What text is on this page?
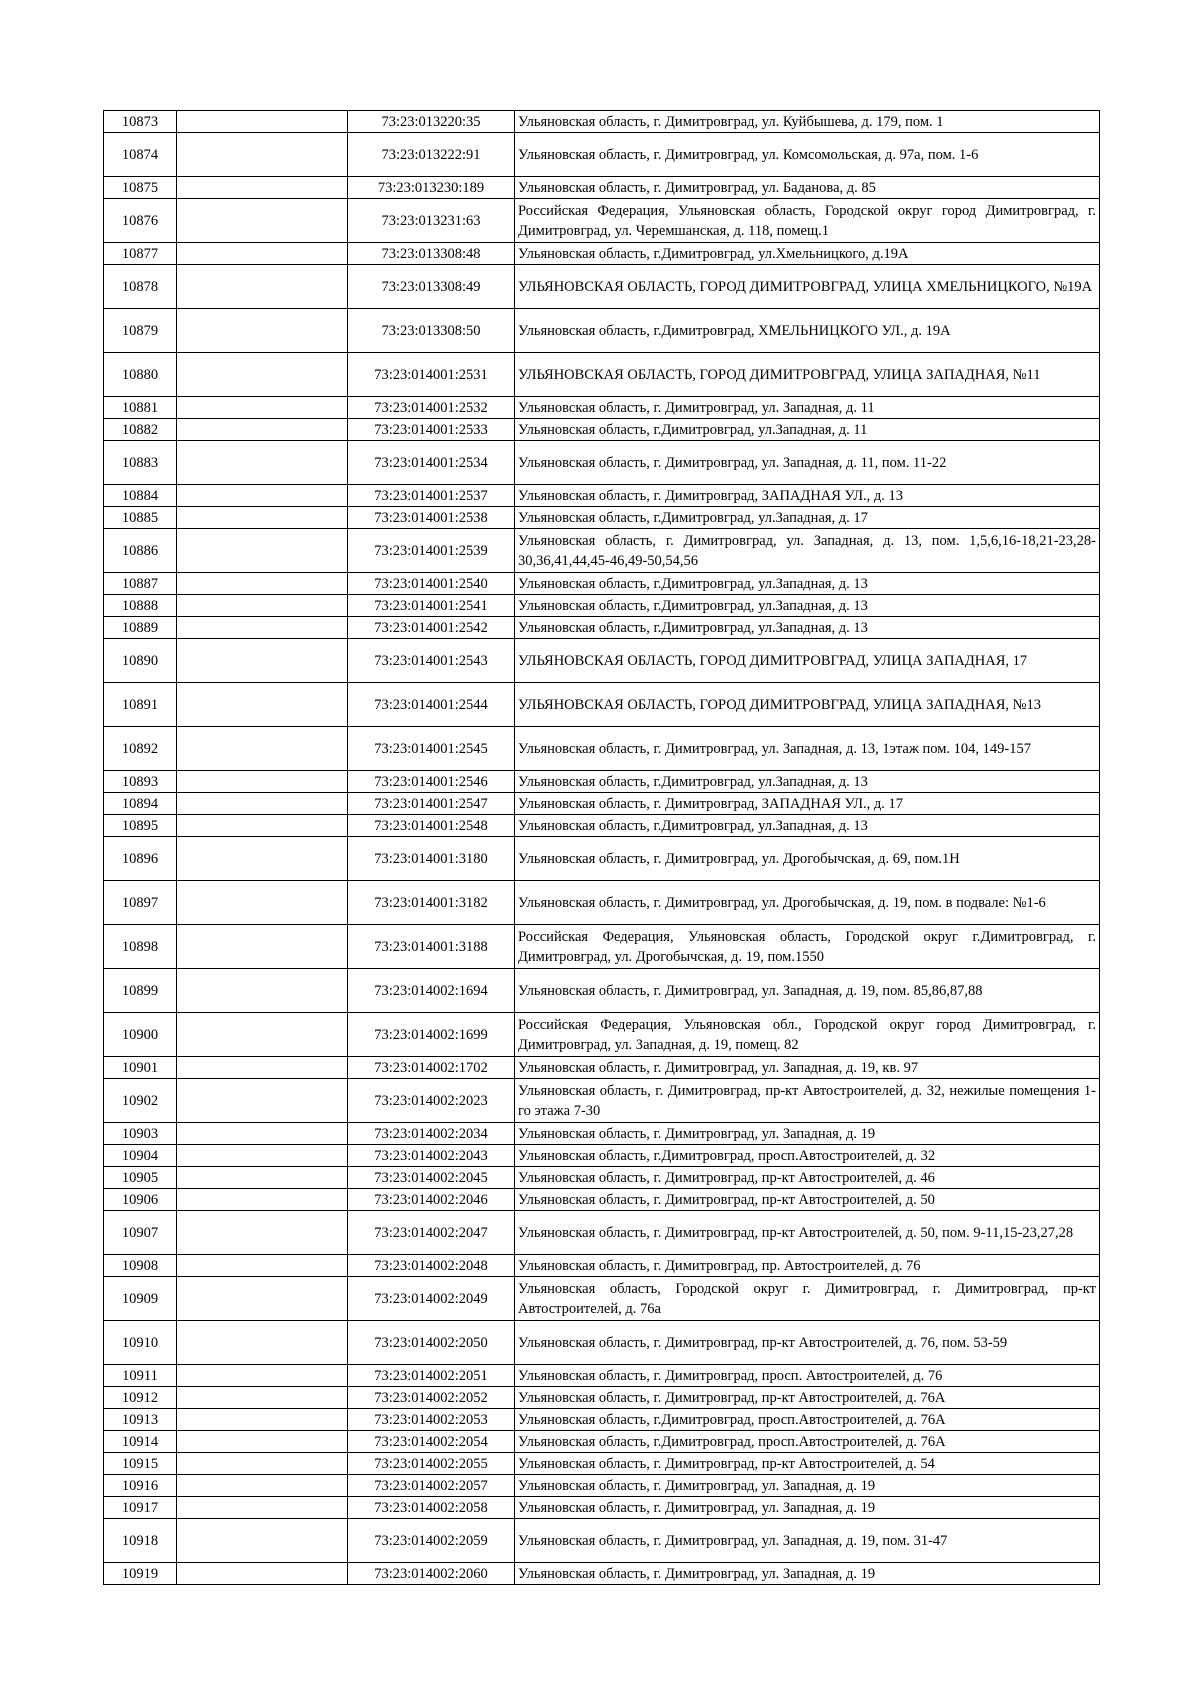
10873		73:23:013220:35	Ульяновская область, г. Димитровград, ул. Куйбышева, д. 179, пом. 1
10874		73:23:013222:91	Ульяновская область, г. Димитровград, ул. Комсомольская, д. 97а, пом. 1-6
10875		73:23:013230:189	Ульяновская область, г. Димитровград, ул. Баданова, д. 85
10876		73:23:013231:63	Российская Федерация, Ульяновская область, Городской округ город Димитровград, г. Димитровград, ул. Черемшанская, д. 118, помещ.1
10877		73:23:013308:48	Ульяновская область, г.Димитровград, ул.Хмельницкого, д.19А
10878		73:23:013308:49	УЛЬЯНОВСКАЯ ОБЛАСТЬ, ГОРОД ДИМИТРОВГРАД, УЛИЦА ХМЕЛЬНИЦКОГО, №19А
10879		73:23:013308:50	Ульяновская область, г.Димитровград, ХМЕЛЬНИЦКОГО УЛ., д. 19А
10880		73:23:014001:2531	УЛЬЯНОВСКАЯ ОБЛАСТЬ, ГОРОД ДИМИТРОВГРАД, УЛИЦА ЗАПАДНАЯ, №11
10881		73:23:014001:2532	Ульяновская область, г. Димитровград, ул. Западная, д. 11
10882		73:23:014001:2533	Ульяновская область, г.Димитровград, ул.Западная, д. 11
10883		73:23:014001:2534	Ульяновская область, г. Димитровград, ул. Западная, д. 11, пом. 11-22
10884		73:23:014001:2537	Ульяновская область, г. Димитровград, ЗАПАДНАЯ УЛ., д. 13
10885		73:23:014001:2538	Ульяновская область, г.Димитровград, ул.Западная, д. 17
10886		73:23:014001:2539	Ульяновская область, г. Димитровград, ул. Западная, д. 13, пом. 1,5,6,16-18,21-23,28-30,36,41,44,45-46,49-50,54,56
10887		73:23:014001:2540	Ульяновская область, г.Димитровград, ул.Западная, д. 13
10888		73:23:014001:2541	Ульяновская область, г.Димитровград, ул.Западная, д. 13
10889		73:23:014001:2542	Ульяновская область, г.Димитровград, ул.Западная, д. 13
10890		73:23:014001:2543	УЛЬЯНОВСКАЯ ОБЛАСТЬ, ГОРОД ДИМИТРОВГРАД, УЛИЦА ЗАПАДНАЯ, 17
10891		73:23:014001:2544	УЛЬЯНОВСКАЯ ОБЛАСТЬ, ГОРОД ДИМИТРОВГРАД, УЛИЦА ЗАПАДНАЯ, №13
10892		73:23:014001:2545	Ульяновская область, г. Димитровград, ул. Западная, д. 13, 1этаж пом. 104, 149-157
10893		73:23:014001:2546	Ульяновская область, г.Димитровград, ул.Западная, д. 13
10894		73:23:014001:2547	Ульяновская область, г. Димитровград, ЗАПАДНАЯ УЛ., д. 17
10895		73:23:014001:2548	Ульяновская область, г.Димитровград, ул.Западная, д. 13
10896		73:23:014001:3180	Ульяновская область, г. Димитровград, ул. Дрогобычская, д. 69, пом.1Н
10897		73:23:014001:3182	Ульяновская область, г. Димитровград, ул. Дрогобычская, д. 19, пом. в подвале: №1-6
10898		73:23:014001:3188	Российская Федерация, Ульяновская область, Городской округ г.Димитровград, г. Димитровград, ул. Дрогобычская, д. 19, пом.1550
10899		73:23:014002:1694	Ульяновская область, г. Димитровград, ул. Западная, д. 19, пом. 85,86,87,88
10900		73:23:014002:1699	Российская Федерация, Ульяновская обл., Городской округ город Димитровград, г. Димитровград, ул. Западная, д. 19, помещ. 82
10901		73:23:014002:1702	Ульяновская область, г. Димитровград, ул. Западная, д. 19, кв. 97
10902		73:23:014002:2023	Ульяновская область, г. Димитровград, пр-кт Автостроителей, д. 32, нежилые помещения 1-го этажа 7-30
10903		73:23:014002:2034	Ульяновская область, г. Димитровград, ул. Западная, д. 19
10904		73:23:014002:2043	Ульяновская область, г.Димитровград, просп.Автостроителей, д. 32
10905		73:23:014002:2045	Ульяновская область, г. Димитровград, пр-кт Автостроителей, д. 46
10906		73:23:014002:2046	Ульяновская область, г. Димитровград, пр-кт Автостроителей, д. 50
10907		73:23:014002:2047	Ульяновская область, г. Димитровград, пр-кт Автостроителей, д. 50, пом. 9-11,15-23,27,28
10908		73:23:014002:2048	Ульяновская область, г. Димитровград, пр. Автостроителей, д. 76
10909		73:23:014002:2049	Ульяновская область, Городской округ г. Димитровград, г. Димитровград, пр-кт Автостроителей, д. 76а
10910		73:23:014002:2050	Ульяновская область, г. Димитровград, пр-кт Автостроителей, д. 76, пом. 53-59
10911		73:23:014002:2051	Ульяновская область, г. Димитровград, просп. Автостроителей, д. 76
10912		73:23:014002:2052	Ульяновская область, г. Димитровград, пр-кт Автостроителей, д. 76А
10913		73:23:014002:2053	Ульяновская область, г.Димитровград, просп.Автостроителей, д. 76А
10914		73:23:014002:2054	Ульяновская область, г.Димитровград, просп.Автостроителей, д. 76А
10915		73:23:014002:2055	Ульяновская область, г. Димитровград, пр-кт Автостроителей, д. 54
10916		73:23:014002:2057	Ульяновская область, г. Димитровград, ул. Западная, д. 19
10917		73:23:014002:2058	Ульяновская область, г. Димитровград, ул. Западная, д. 19
10918		73:23:014002:2059	Ульяновская область, г. Димитровград, ул. Западная, д. 19, пом. 31-47
10919		73:23:014002:2060	Ульяновская область, г. Димитровград, ул. Западная, д. 19
